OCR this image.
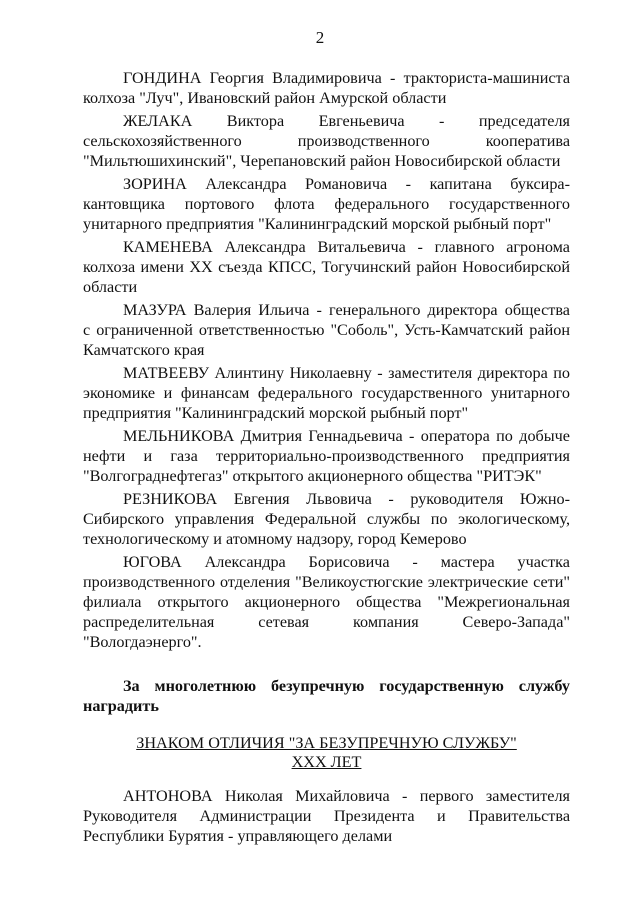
2
ГОНДИНА Георгия Владимировича - тракториста-машиниста
колхоза "Луч", Ивановский район Амурской области
ЖЕЛАКА Виктора Евгеньевича - председателя
сельскохозяйственного производственного кооператива
"Мильтюшихинский", Черепановский район Новосибирской области
ЗОРИНА Александра Романовича - капитана буксира-
кантовщика портового флота федерального государственного
унитарного предприятия "Калининградский морской рыбный порт"
КАМЕНЕВА Александра Витальевича - главного агронома
колхоза имени XX съезда КПСС, Тогучинский район Новосибирской
области
МАЗУРА Валерия Ильича - генерального директора общества
с ограниченной ответственностью "Соболь", Усть-Камчатский район
Камчатского края
МАТВЕЕВУ Алинтину Николаевну - заместителя директора по
экономике и финансам федерального государственного унитарного
предприятия "Калининградский морской рыбный порт"
МЕЛЬНИКОВА Дмитрия Геннадьевича - оператора по добыче
нефти и газа территориально-производственного предприятия
"Волгограднефтегаз" открытого акционерного общества "РИТЭК"
РЕЗНИКОВА Евгения Львовича - руководителя Южно-
Сибирского управления Федеральной службы по экологическому,
технологическому и атомному надзору, город Кемерово
ЮГОВА Александра Борисовича - мастера участка
производственного отделения "Великоустюгские электрические сети"
филиала открытого акционерного общества "Межрегиональная
распределительная сетевая компания Северо-Запада"
"Вологдаэнерго".
За многолетнюю безупречную государственную службу
наградить
ЗНАКОМ ОТЛИЧИЯ "ЗА БЕЗУПРЕЧНУЮ СЛУЖБУ"
XXX ЛЕТ
АНТОНОВА Николая Михайловича - первого заместителя
Руководителя Администрации Президента и Правительства
Республики Бурятия - управляющего делами
